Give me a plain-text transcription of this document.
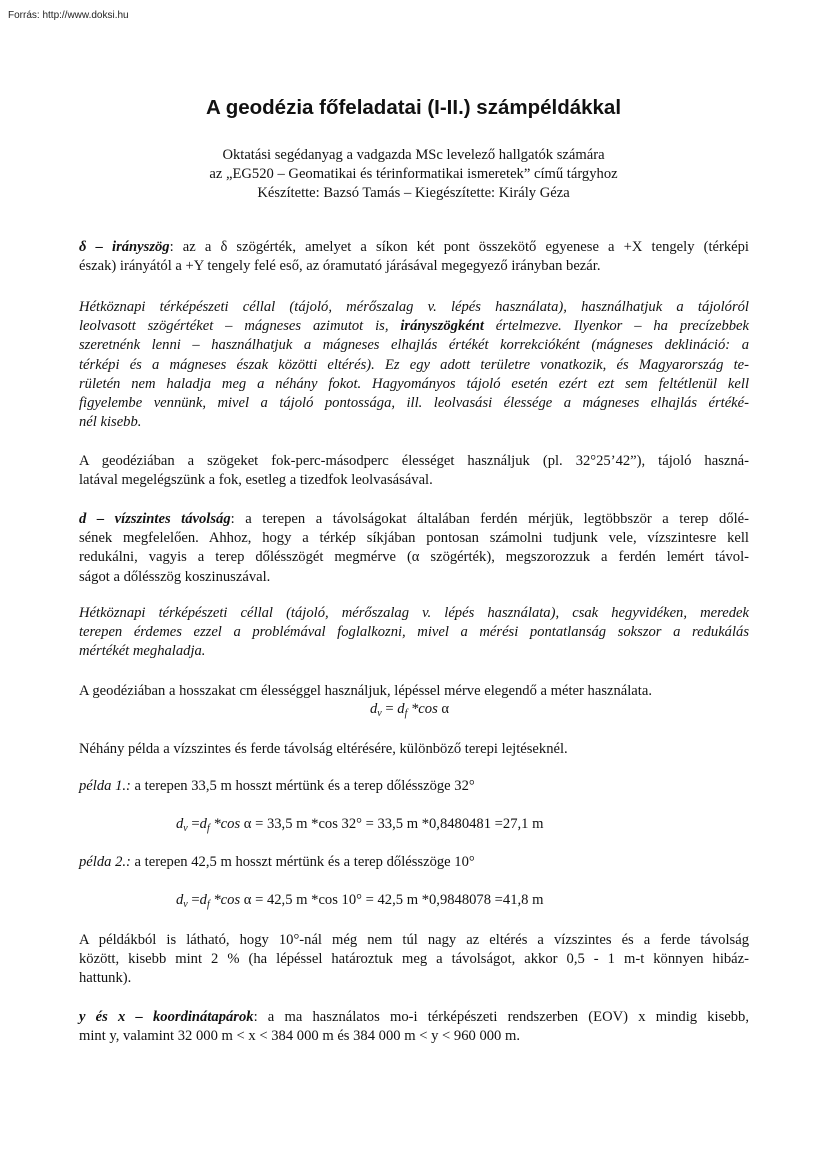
Forrás: http://www.doksi.hu
A geodézia főfeladatai (I-II.) számpéldákkal
Oktatási segédanyag a vadgazda MSc levelező hallgatók számára
az „EG520 – Geomatikai és térinformatikai ismeretek” című tárgyhoz
Készítette: Bazsó Tamás – Kiegészítette: Király Géza
δ – irányszög: az a δ szögérték, amelyet a síkon két pont összekötő egyenese a +X tengely (térképi
észak) irányától a +Y tengely felé eső, az óramutató járásával megegyező irányban bezár.
Hétköznapi térképészeti céllal (tájoló, mérőszalag v. lépés használata), használhatjuk a tájolóról
leolvasott szögértéket – mágneses azimutot is, irányszögként értelmezve. Ilyenkor – ha precízebbek
szeretnénk lenni – használhatjuk a mágneses elhajlás értékét korrekcióként (mágneses deklináció: a
térképi és a mágneses észak közötti eltérés). Ez egy adott területre vonatkozik, és Magyarország te-
rületén nem haladja meg a néhány fokot. Hagyományos tájoló esetén ezért ezt sem feltétlenül kell
figyelembe vennünk, mivel a tájoló pontossága, ill. leolvasási élessége a mágneses elhajlás értéké-
nél kisebb.
A geodéziában a szögeket fok-perc-másodperc élességet használjuk (pl. 32°25’42”), tájoló haszná-
latával megelégszünk a fok, esetleg a tizedfok leolvasásával.
d – vízszintes távolság: a terepen a távolságokat általában ferdén mérjük, legtöbbször a terep dőlé-
sének megfelelően. Ahhoz, hogy a térkép síkjában pontosan számolni tudjunk vele, vízszintesre kell
redukálni, vagyis a terep dőlésszögét megmérve (α szögérték), megszorozzuk a ferdén lemért távol-
ságot a dőlésszög koszinuszával.
Hétköznapi térképészeti céllal (tájoló, mérőszalag v. lépés használata), csak hegyvidéken, meredek
terepen érdemes ezzel a problémával foglalkozni, mivel a mérési pontatlanság sokszor a redukálás
mértékét meghaladja.
A geodéziában a hosszakat cm élességgel használjuk, lépéssel mérve elegendő a méter használata.
$d_v = d_f$ *cos α
Néhány példa a vízszintes és ferde távolság eltérésére, különböző terepi lejtéseknél.
példa 1.: a terepen 33,5 m hosszt mértünk és a terep dőlésszöge 32°
$d_v =d_f$ *cos α = 33,5 m *cos 32° = 33,5 m *0,8480481 =27,1 m
példa 2.: a terepen 42,5 m hosszt mértünk és a terep dőlésszöge 10°
$d_v =d_f$ *cos α = 42,5 m *cos 10° = 42,5 m *0,9848078 =41,8 m
A példákból is látható, hogy 10°-nál még nem túl nagy az eltérés a vízszintes és a ferde távolság
között, kisebb mint 2 % (ha lépéssel határoztuk meg a távolságot, akkor 0,5 - 1 m-t könnyen hibáz-
hattunk).
y és x – koordinátapárok: a ma használatos mo-i térképészeti rendszerben (EOV) x mindig kisebb,
mint y, valamint 32 000 m < x < 384 000 m és 384 000 m < y < 960 000 m.
